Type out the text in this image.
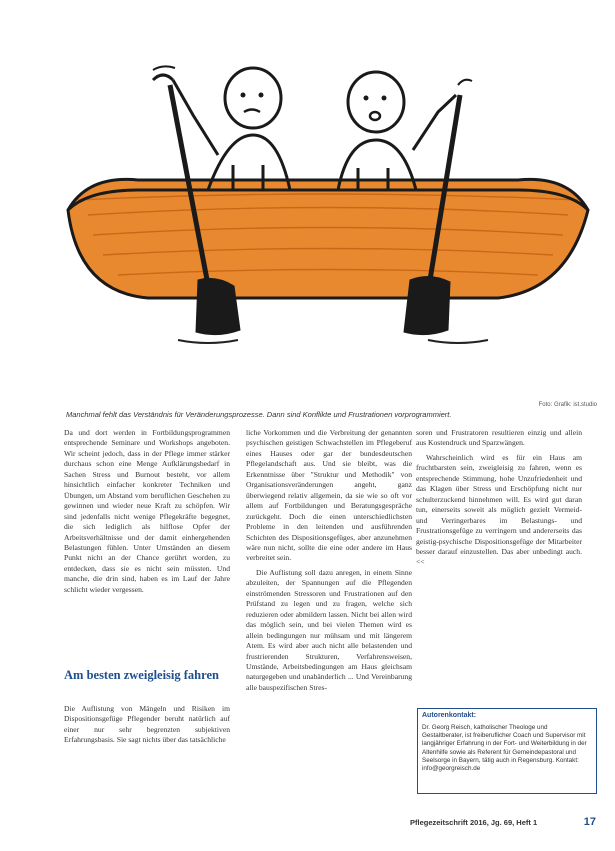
Foto: Grafik: ist.studio
Manchmal fehlt das Verständnis für Veränderungsprozesse. Dann sind Konflikte und Frustrationen vorprogrammiert.

Da und dort werden in Fortbildungsprogrammen entsprechende Seminare und Workshops angeboten. Wir scheint jedoch, dass in der Pflege immer stärker durchaus schon eine Menge Aufklärungsbedarf in Sachen Stress und Burnout besteht, vor allem hinsichtlich einfacher konkreter Techniken und Übungen, um Abstand vom beruflichen Geschehen zu gewinnen und wieder neue Kraft zu schöpfen. Wir sind jedenfalls nicht wenige Pflegekräfte begegnet, die sich lediglich als hilflose Opfer der Arbeitsverhältnisse und der damit einhergehenden Belastungen fühlen. Unter Umständen an diesem Punkt nicht an der Chance gerührt worden, zu entdecken, dass sie es nicht sein müssten. Und manche, die drin sind, haben es im Lauf der Jahre schlicht wieder vergessen.

Am besten zweigleisig fahren
Die Auflistung von Mängeln und Risiken im Dispositionsgefüge Pflegender beruht natürlich auf einer nur sehr begrenzten subjektiven Erfahrungsbasis. Sie sagt nichts über das tatsächliche

liche Vorkommen und die Verbreitung der genannten psychischen geistigen Schwachstellen im Pflegeberuf eines Hauses oder gar der bundesdeutschen Pflegelandschaft aus. Und sie bleibt, was die Erkenntnisse über "Struktur und Methodik" von Organisationsveränderungen angeht, ganz überwiegend relativ allgemein, da sie wie so oft vor allem auf Fortbildungen und Beratungsgespräche zurückgeht. Doch die einen unterschiedlichsten Probleme in den leitenden und ausführenden Schichten des Dispositionsgefüges, aber anzunehmen wäre nun nicht, sollte die eine oder andere im Haus verbreitet sein.

Die Auflistung soll dazu anregen, in einem Sinne abzuleiten, der Spannungen auf die Pflegenden einströmenden Stressoren und Frustrationen auf den Prüfstand zu legen und zu fragen, welche sich reduzieren oder abmildern lassen. Nicht bei allen wird das möglich sein, und bei vielen Themen wird es allein bedingungen nur mühsam und mit längerem Atem. Es wird aber auch nicht alle belastenden und frustrierenden Strukturen, Verfahrensweisen, Umstände, Arbeitsbedingungen am Haus gleichsam naturgegeben und unabänderlich ... Und Vereinbarung alle bauspezifischen Stres-

soren und Frustratoren resultieren einzig und allein aus Kostendruck und Sparzwängen.

Wahrscheinlich wird es für ein Haus am fruchtbarsten sein, zweigleisig zu fahren, wenn es entsprechende Stimmung, hohe Unzufriedenheit und das Klagen über Stress und Erschöpfung nicht nur schulterzuckend hinnehmen will. Es wird gut daran tun, einerseits soweit als möglich gezielt Vermeid- und Verringerbares im Belastungs- und Frustrationsgefüge zu verringern und andererseits das geistig-psychische Dispositionsgefüge der Mitarbeiter besser darauf einzustellen. Das aber unbedingt auch. <<

Autorenkontakt:
Dr. Georg Reisch, katholischer Theologe und Gestaltberater, ist freiberuflicher Coach und Supervisor mit langjähriger Erfahrung in der Fort- und Weiterbildung in der Altenhilfe sowie als Referent für Gemeindepastoral und Seelsorge in Bayern, tätig auch in Regensburg. Kontakt: info@georgreisch.de
Pflegezeitschrift 2016, Jg. 69, Heft 1	17
